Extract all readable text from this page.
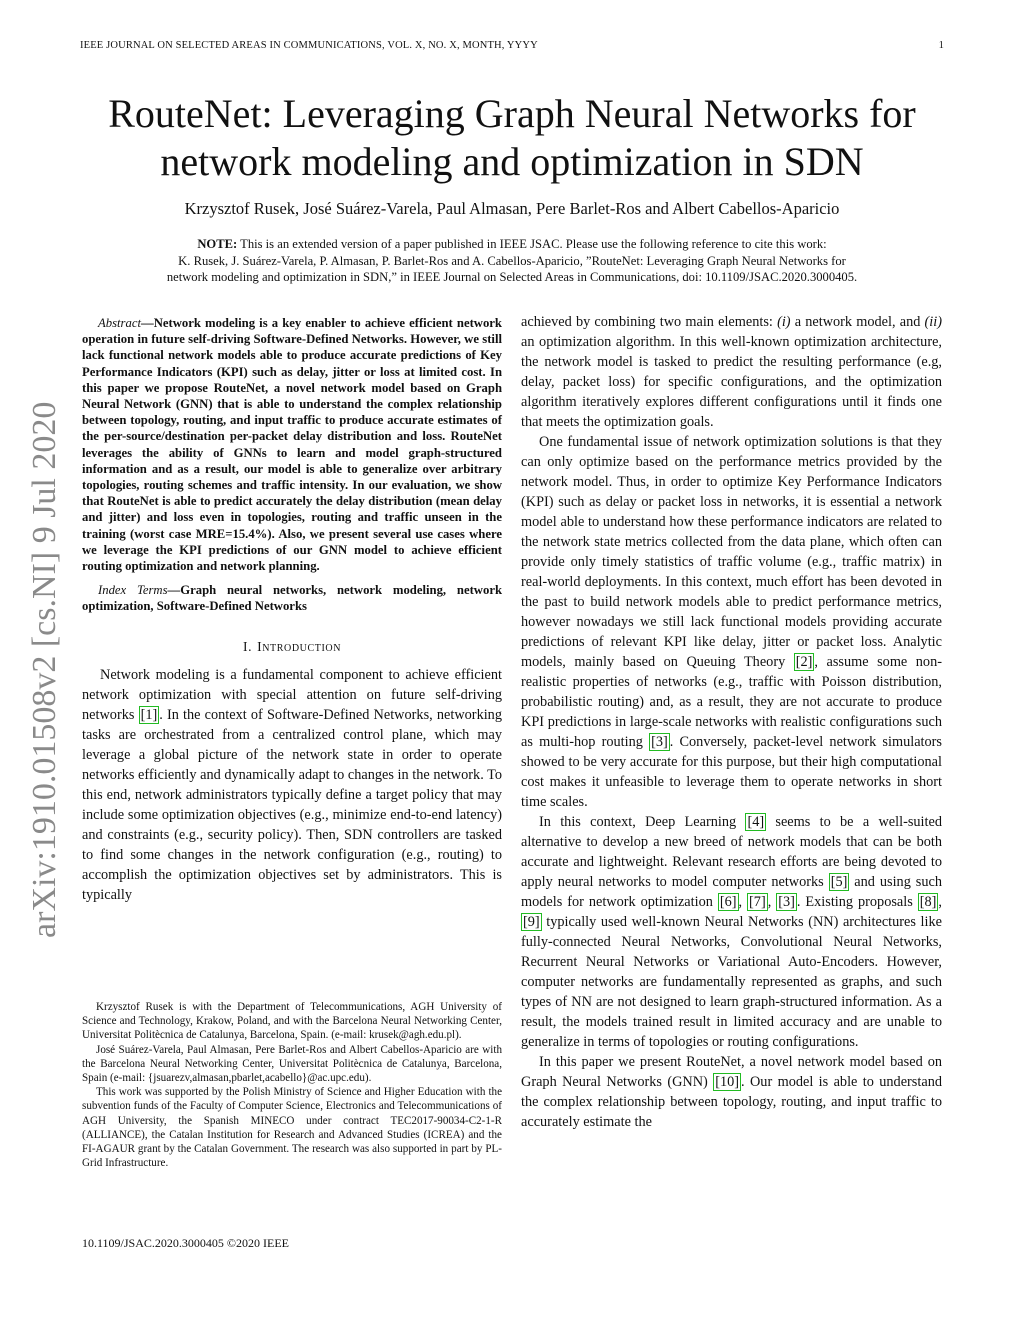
IEEE JOURNAL ON SELECTED AREAS IN COMMUNICATIONS, VOL. X, NO. X, MONTH, YYYY	1
arXiv:1910.01508v2 [cs.NI] 9 Jul 2020
RouteNet: Leveraging Graph Neural Networks for
network modeling and optimization in SDN
Krzysztof Rusek, José Suárez-Varela, Paul Almasan, Pere Barlet-Ros and Albert Cabellos-Aparicio
NOTE: This is an extended version of a paper published in IEEE JSAC. Please use the following reference to cite this work:
K. Rusek, J. Suárez-Varela, P. Almasan, P. Barlet-Ros and A. Cabellos-Aparicio, ”RouteNet: Leveraging Graph Neural Networks for
network modeling and optimization in SDN,” in IEEE Journal on Selected Areas in Communications, doi: 10.1109/JSAC.2020.3000405.

Abstract—Network modeling is a key enabler to achieve efficient network operation in future self-driving Software-Defined Networks. However, we still lack functional network models able to produce accurate predictions of Key Performance Indicators (KPI) such as delay, jitter or loss at limited cost. In this paper we propose RouteNet, a novel network model based on Graph Neural Network (GNN) that is able to understand the complex relationship between topology, routing, and input traffic to produce accurate estimates of the per-source/destination per-packet delay distribution and loss. RouteNet leverages the ability of GNNs to learn and model graph-structured information and as a result, our model is able to generalize over arbitrary topologies, routing schemes and traffic intensity. In our evaluation, we show that RouteNet is able to predict accurately the delay distribution (mean delay and jitter) and loss even in topologies, routing and traffic unseen in the training (worst case MRE=15.4%). Also, we present several use cases where we leverage the KPI predictions of our GNN model to achieve efficient routing optimization and network planning.

Index Terms—Graph neural networks, network modeling, network optimization, Software-Defined Networks

I. Introduction

Network modeling is a fundamental component to achieve efficient network optimization with special attention on future self-driving networks [1] . In the context of Software-Defined Networks, networking tasks are orchestrated from a centralized control plane, which may leverage a global picture of the network state in order to operate networks efficiently and dynamically adapt to changes in the network. To this end, network administrators typically define a target policy that may include some optimization objectives (e.g., minimize end-to-end latency) and constraints (e.g., security policy). Then, SDN controllers are tasked to find some changes in the network configuration (e.g., routing) to accomplish the optimization objectives set by administrators. This is typically

Krzysztof Rusek is with the Department of Telecommunications, AGH University of Science and Technology, Krakow, Poland, and with the Barcelona Neural Networking Center, Universitat Politècnica de Catalunya, Barcelona, Spain. (e-mail: krusek@agh.edu.pl).

José Suárez-Varela, Paul Almasan, Pere Barlet-Ros and Albert Cabellos-Aparicio are with the Barcelona Neural Networking Center, Universitat Politècnica de Catalunya, Barcelona, Spain (e-mail: {jsuarezv,almasan,pbarlet,acabello}@ac.upc.edu).

This work was supported by the Polish Ministry of Science and Higher Education with the subvention funds of the Faculty of Computer Science, Electronics and Telecommunications of AGH University, the Spanish MINECO under contract TEC2017-90034-C2-1-R (ALLIANCE), the Catalan Institution for Research and Advanced Studies (ICREA) and the FI-AGAUR grant by the Catalan Government. The research was also supported in part by PL-Grid Infrastructure.

10.1109/JSAC.2020.3000405 ©2020 IEEE

achieved by combining two main elements: (i) a network model, and (ii) an optimization algorithm. In this well-known optimization architecture, the network model is tasked to predict the resulting performance (e.g, delay, packet loss) for specific configurations, and the optimization algorithm iteratively explores different configurations until it finds one that meets the optimization goals.

One fundamental issue of network optimization solutions is that they can only optimize based on the performance metrics provided by the network model. Thus, in order to optimize Key Performance Indicators (KPI) such as delay or packet loss in networks, it is essential a network model able to understand how these performance indicators are related to the network state metrics collected from the data plane, which often can provide only timely statistics of traffic volume (e.g., traffic matrix) in real-world deployments. In this context, much effort has been devoted in the past to build network models able to predict performance metrics, however nowadays we still lack functional models providing accurate predictions of relevant KPI like delay, jitter or packet loss. Analytic models, mainly based on Queuing Theory [2] , assume some non-realistic properties of networks (e.g., traffic with Poisson distribution, probabilistic routing) and, as a result, they are not accurate to produce KPI predictions in large-scale networks with realistic configurations such as multi-hop routing [3] . Conversely, packet-level network simulators showed to be very accurate for this purpose, but their high computational cost makes it unfeasible to leverage them to operate networks in short time scales.

In this context, Deep Learning [4] seems to be a well-suited alternative to develop a new breed of network models that can be both accurate and lightweight. Relevant research efforts are being devoted to apply neural networks to model computer networks [5] and using such models for network optimization [6] , [7] , [3] . Existing proposals [8] , [9] typically used well-known Neural Networks (NN) architectures like fully-connected Neural Networks, Convolutional Neural Networks, Recurrent Neural Networks or Variational Auto-Encoders. However, computer networks are fundamentally represented as graphs, and such types of NN are not designed to learn graph-structured information. As a result, the models trained result in limited accuracy and are unable to generalize in terms of topologies or routing configurations.

In this paper we present RouteNet, a novel network model based on Graph Neural Networks (GNN) [10] . Our model is able to understand the complex relationship between topology, routing, and input traffic to accurately estimate the
